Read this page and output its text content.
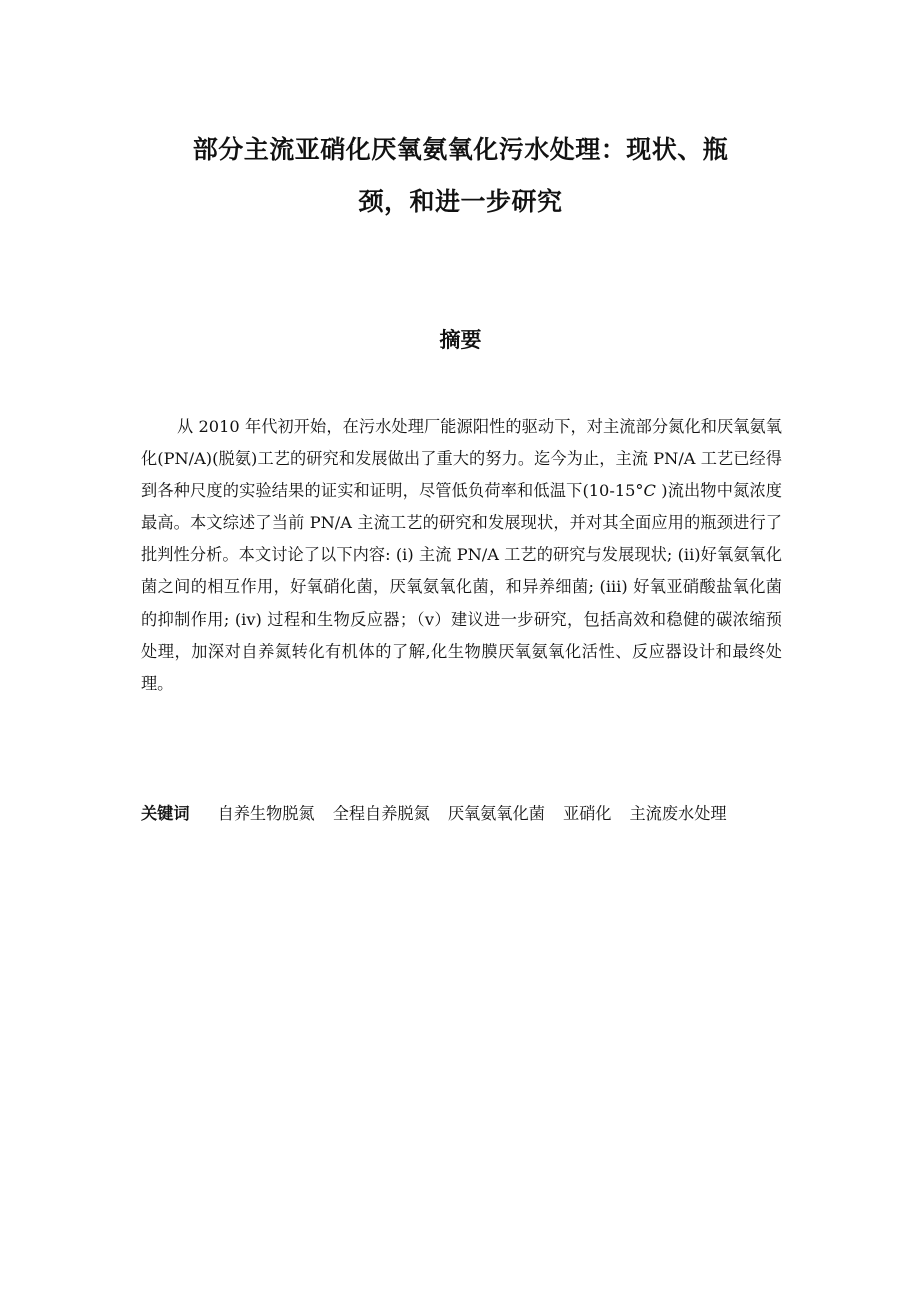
部分主流亚硝化厌氧氨氧化污水处理：现状、瓶
颈，和进一步研究
摘要

从 2010 年代初开始，在污水处理厂能源阳性的驱动下，对主流部分氮化和厌氧氨氧化(PN/A)(脱氨)工艺的研究和发展做出了重大的努力。迄今为止，主流 PN/A 工艺已经得到各种尺度的实验结果的证实和证明，尽管低负荷率和低温下(10-15°C )流出物中氮浓度最高。本文综述了当前 PN/A 主流工艺的研究和发展现状，并对其全面应用的瓶颈进行了批判性分析。本文讨论了以下内容: (i) 主流 PN/A 工艺的研究与发展现状; (ii)好氧氨氧化菌之间的相互作用，好氧硝化菌，厌氧氨氧化菌，和异养细菌; (iii) 好氧亚硝酸盐氧化菌的抑制作用; (iv) 过程和生物反应器；（v）建议进一步研究，包括高效和稳健的碳浓缩预处理，加深对自养氮转化有机体的了解,化生物膜厌氧氨氧化活性、反应器设计和最终处理。

关键词 自养生物脱氮 全程自养脱氮 厌氧氨氧化菌 亚硝化 主流废水处理
